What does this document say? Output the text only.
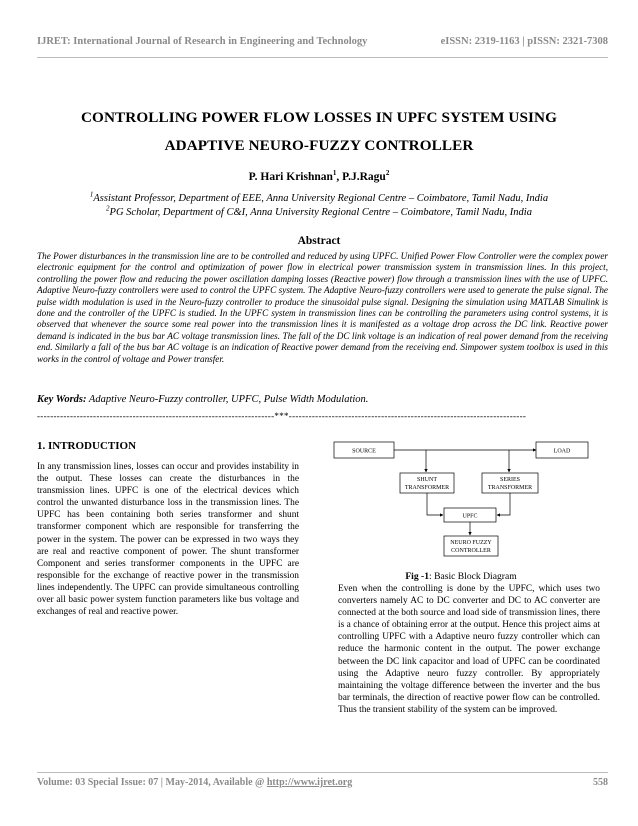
IJRET: International Journal of Research in Engineering and Technology	eISSN: 2319-1163 | pISSN: 2321-7308
CONTROLLING POWER FLOW LOSSES IN UPFC SYSTEM USING
ADAPTIVE NEURO-FUZZY CONTROLLER
P. Hari Krishnan$^1$, P.J.Ragu$^2$
$^1$Assistant Professor, Department of EEE, Anna University Regional Centre – Coimbatore, Tamil Nadu, India
$^2$PG Scholar, Department of C&I, Anna University Regional Centre – Coimbatore, Tamil Nadu, India
Abstract
The Power disturbances in the transmission line are to be controlled and reduced by using UPFC. Unified Power Flow Controller were the complex power electronic equipment for the control and optimization of power flow in electrical power transmission system in transmission lines. In this project, controlling the power flow and reducing the power oscillation damping losses (Reactive power) flow through a transmission lines with the use of UPFC. Adaptive Neuro-fuzzy controllers were used to control the UPFC system. The Adaptive Neuro-fuzzy controllers were used to generate the pulse signal. The pulse width modulation is used in the Neuro-fuzzy controller to produce the sinusoidal pulse signal. Designing the simulation using MATLAB Simulink is done and the controller of the UPFC is studied. In the UPFC system in transmission lines can be controlling the parameters using control systems, it is observed that whenever the source some real power into the transmission lines it is manifested as a voltage drop across the DC link. Reactive power demand is indicated in the bus bar AC voltage transmission lines. The fall of the DC link voltage is an indication of real power demand from the receiving end. Similarly a fall of the bus bar AC voltage is an indication of Reactive power demand from the receiving end. Simpower system toolbox is used in this works in the control of voltage and Power transfer.
Key Words: Adaptive Neuro-Fuzzy controller, UPFC, Pulse Width Modulation.
------------------------------------------------------------------------***------------------------------------------------------------------------
1. INTRODUCTION
In any transmission lines, losses can occur and provides instability in the output. These losses can create the disturbances in the transmission lines. UPFC is one of the electrical devices which control the unwanted disturbance loss in the transmission lines. The UPFC has been containing both series transformer and shunt transformer component which are responsible for transferring the power in the system. The power can be expressed in two ways they are real and reactive component of power. The shunt transformer Component and series transformer components in the UPFC are responsible for the exchange of reactive power in the transmission lines independently. The UPFC can provide simultaneous controlling over all basic power system function parameters like bus voltage and exchanges of real and reactive power.
SOURCE	LOAD
SHUNT
TRANSFORMER
SERIES
TRANSFORMER
UPFC
NEURO FUZZY
CONTROLLER
Fig -1: Basic Block Diagram
Even when the controlling is done by the UPFC, which uses two converters namely AC to DC converter and DC to AC converter are connected at the both source and load side of transmission lines, there is a chance of obtaining error at the output. Hence this project aims at controlling UPFC with a Adaptive neuro fuzzy controller which can reduce the harmonic content in the output. The power exchange between the DC link capacitor and load of UPFC can be coordinated using the Adaptive neuro fuzzy controller. By appropriately maintaining the voltage difference between the inverter and the bus bar terminals, the direction of reactive power flow can be controlled. Thus the transient stability of the system can be improved.
Volume: 03 Special Issue: 07 | May-2014, Available @ http://www.ijret.org	558
